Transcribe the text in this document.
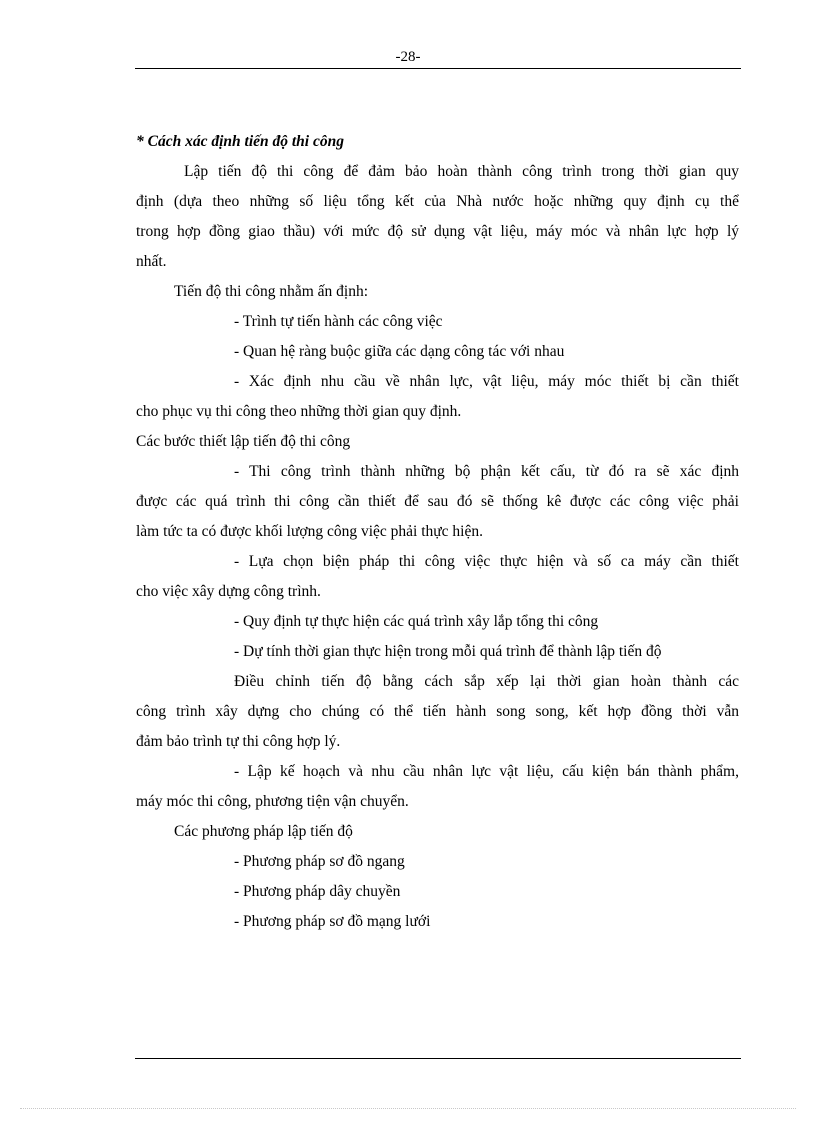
-28-
* Cách xác định tiến độ thi công
Lập tiến độ thi công để đảm bảo hoàn thành công trình trong thời gian quy
định (dựa theo những số liệu tổng kết của Nhà nước hoặc những quy định cụ thể
trong hợp đồng giao thầu) với mức độ sử dụng vật liệu, máy móc và nhân lực hợp lý
nhất.
Tiến độ thi công nhằm ấn định:
- Trình tự tiến hành các công việc
- Quan hệ ràng buộc giữa các dạng công tác với nhau
- Xác định nhu cầu về nhân lực, vật liệu, máy móc thiết bị cần thiết
cho phục vụ thi công theo những thời gian quy định.
Các bước thiết lập tiến độ thi công
- Thi công trình thành những bộ phận kết cấu, từ đó ra sẽ xác định
được các quá trình thi công cần thiết để sau đó sẽ thống kê được các công việc phải
làm tức ta có được khối lượng công việc phải thực hiện.
- Lựa chọn biện pháp thi công việc thực hiện và số ca máy cần thiết
cho việc xây dựng công trình.
- Quy định tự thực hiện các quá trình xây lắp tổng thi công
- Dự tính thời gian thực hiện trong mỗi quá trình để thành lập tiến độ
Điều chỉnh tiến độ bằng cách sắp xếp lại thời gian hoàn thành các
công trình xây dựng cho chúng có thể tiến hành song song, kết hợp đồng thời vẫn
đảm bảo trình tự thi công hợp lý.
- Lập kế hoạch và nhu cầu nhân lực vật liệu, cấu kiện bán thành phẩm,
máy móc thi công, phương tiện vận chuyển.
Các phương pháp lập tiến độ
- Phương pháp sơ đồ ngang
- Phương pháp dây chuyền
- Phương pháp sơ đồ mạng lưới
